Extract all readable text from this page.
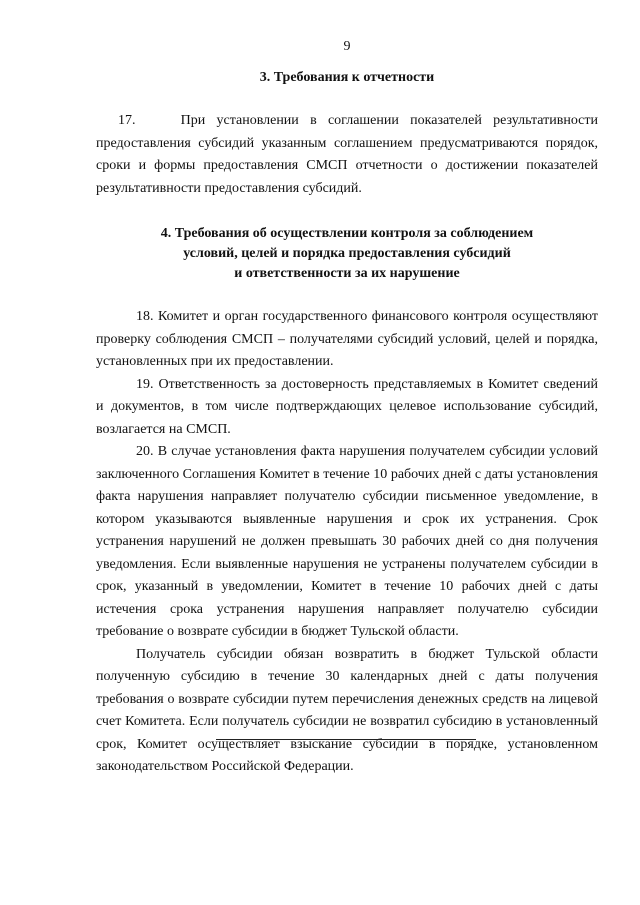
9

3. Требования к отчетности

17.    При установлении в соглашении показателей результативности предоставления субсидий указанным соглашением предусматриваются порядок, сроки и формы предоставления СМСП отчетности о достижении показателей результативности предоставления субсидий.

4. Требования об осуществлении контроля за соблюдением
условий, целей и порядка предоставления субсидий
и ответственности за их нарушение

18. Комитет и орган государственного финансового контроля осуществляют проверку соблюдения СМСП – получателями субсидий условий, целей и порядка, установленных при их предоставлении.

19. Ответственность за достоверность представляемых в Комитет сведений и документов, в том числе подтверждающих целевое использование субсидий, возлагается на СМСП.

20. В случае установления факта нарушения получателем субсидии условий заключенного Соглашения Комитет в течение 10 рабочих дней с даты установления факта нарушения направляет получателю субсидии письменное уведомление, в котором указываются выявленные нарушения и срок их устранения. Срок устранения нарушений не должен превышать 30 рабочих дней со дня получения уведомления. Если выявленные нарушения не устранены получателем субсидии в срок, указанный в уведомлении, Комитет в течение 10 рабочих дней с даты истечения срока устранения нарушения направляет получателю субсидии требование о возврате субсидии в бюджет Тульской области.

Получатель субсидии обязан возвратить в бюджет Тульской области полученную субсидию в течение 30 календарных дней с даты получения требования о возврате субсидии путем перечисления денежных средств на лицевой счет Комитета. Если получатель субсидии не возвратил субсидию в установленный срок, Комитет осуществляет взыскание субсидии в порядке, установленном законодательством Российской Федерации.
